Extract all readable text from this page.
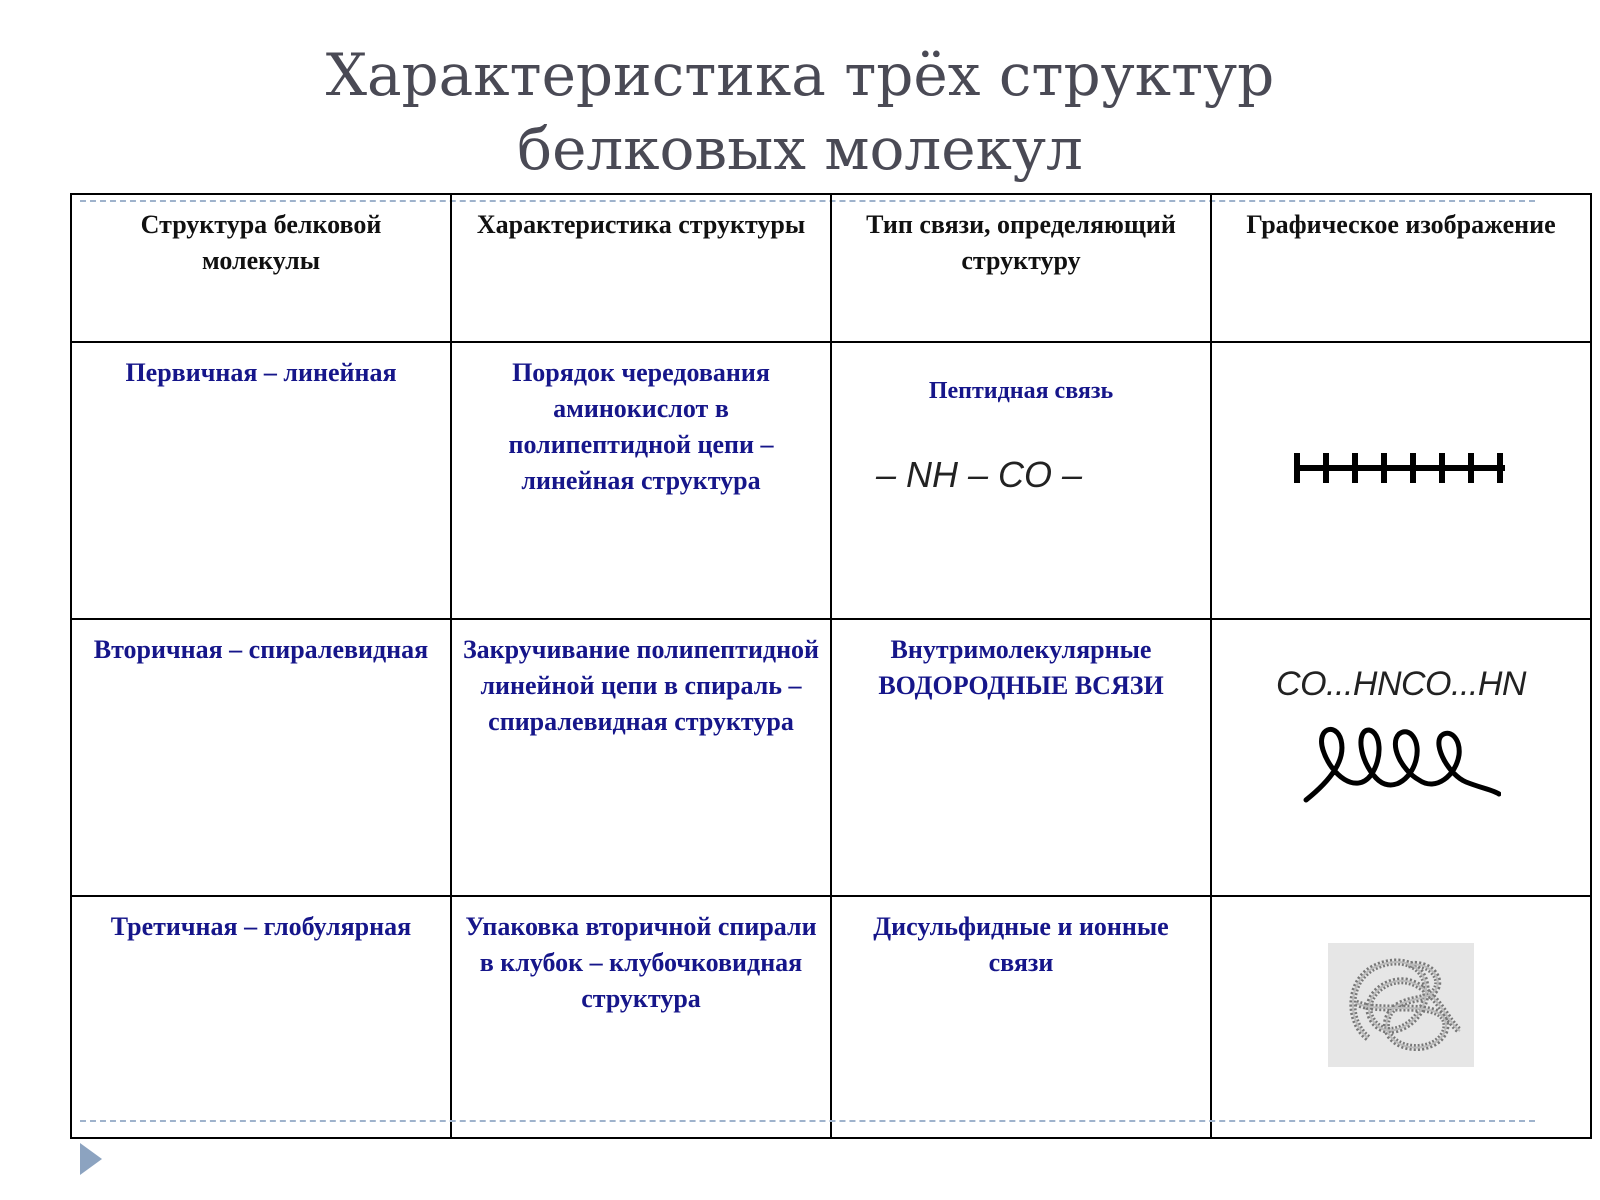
Характеристика трёх структур
белковых молекул
Структура белковой молекулы	Характеристика структуры	Тип связи, определяющий структуру	Графическое изображение
Первичная – линейная	Порядок чередования аминокислот в полипептидной цепи – линейная структура	Пептидная связь
– NH – CO –

Вторичная – спиралевидная	Закручивание полипептидной линейной цепи в спираль – спиралевидная структура	Внутримолекулярные ВОДОРОДНЫЕ ВСЯЗИ	CO...HNCO...HN

Третичная – глобулярная	Упаковка вторичной спирали в клубок – клубочковидная структура	Дисульфидные и ионные связи	
